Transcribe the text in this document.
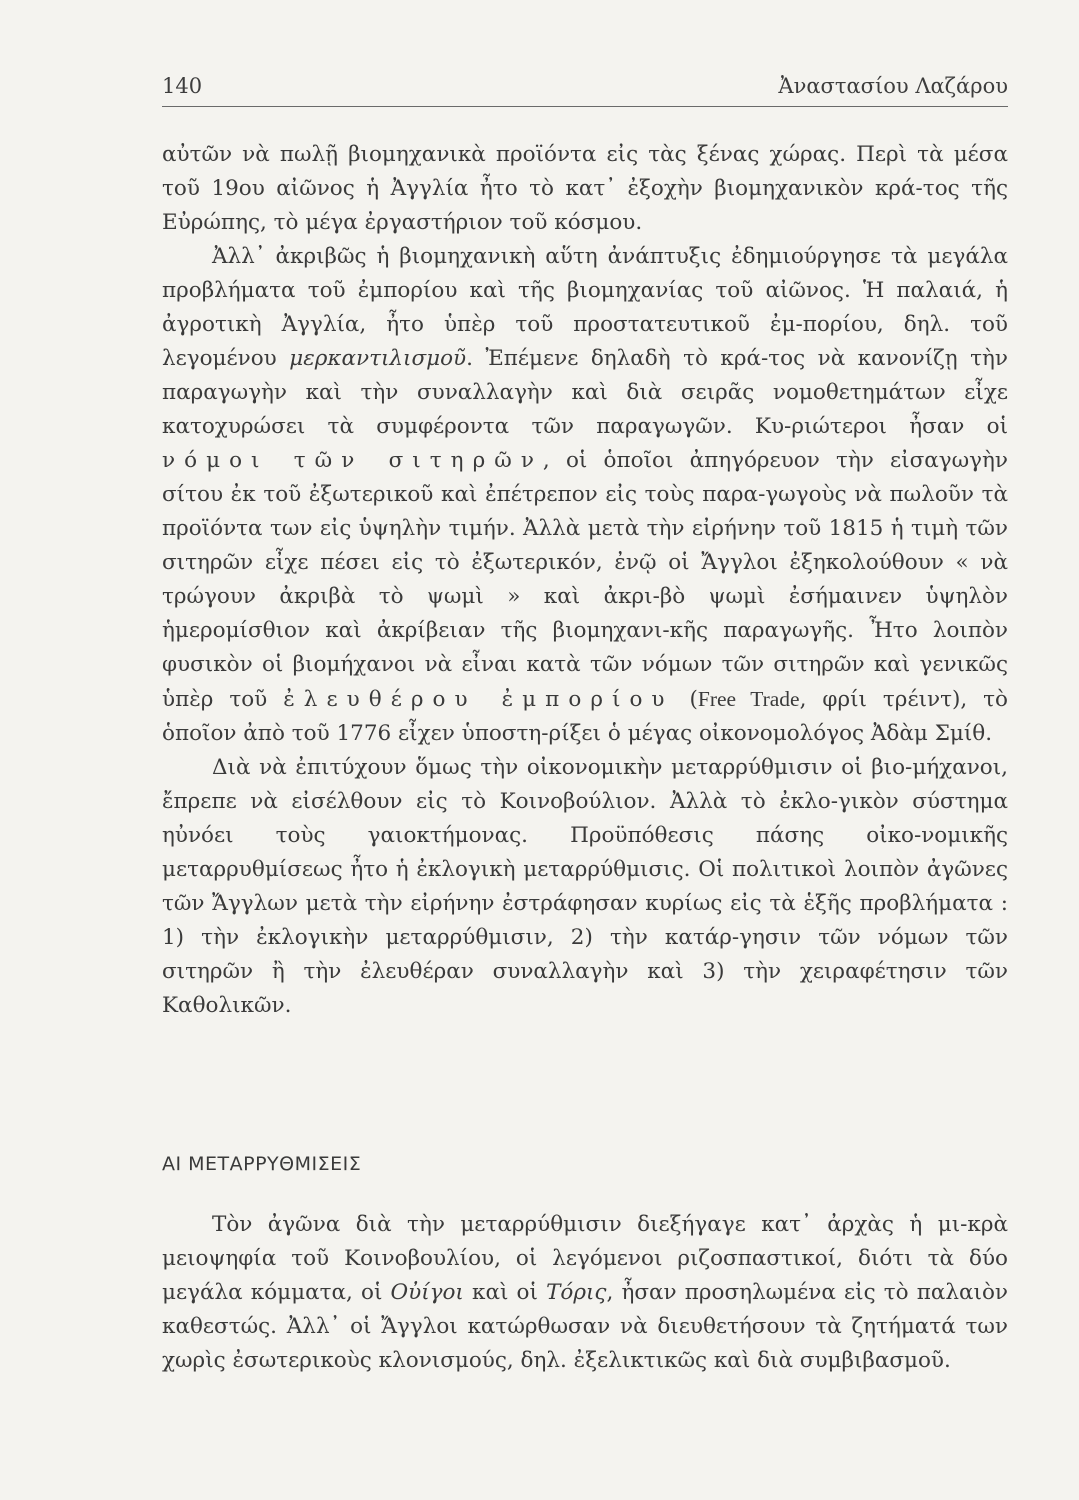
140	Ἀναστασίου Λαζάρου

αὐτῶν νὰ πωλῇ βιομηχανικὰ προϊόντα εἰς τὰς ξένας χώρας. Περὶ τὰ μέσα τοῦ 19ου αἰῶνος ἡ Ἀγγλία ἦτο τὸ κατ᾽ ἐξοχὴν βιομηχανικὸν κρά-τος τῆς Εὐρώπης, τὸ μέγα ἐργαστήριον τοῦ κόσμου.

Ἀλλ᾽ ἀκριβῶς ἡ βιομηχανικὴ αὕτη ἀνάπτυξις ἐδημιούργησε τὰ μεγάλα προβλήματα τοῦ ἐμπορίου καὶ τῆς βιομηχανίας τοῦ αἰῶνος. Ἡ παλαιά, ἡ ἀγροτικὴ Ἀγγλία, ἦτο ὑπὲρ τοῦ προστατευτικοῦ ἐμ-πορίου, δηλ. τοῦ λεγομένου μερκαντιλισμοῦ. Ἐπέμενε δηλαδὴ τὸ κρά-τος νὰ κανονίζῃ τὴν παραγωγὴν καὶ τὴν συναλλαγὴν καὶ διὰ σειρᾶς νομοθετημάτων εἶχε κατοχυρώσει τὰ συμφέροντα τῶν παραγωγῶν. Κυ-ριώτεροι ἦσαν οἱ νόμοι τῶν σιτηρῶν, οἱ ὁποῖοι ἀπηγόρευον τὴν εἰσαγωγὴν σίτου ἐκ τοῦ ἐξωτερικοῦ καὶ ἐπέτρεπον εἰς τοὺς παρα-γωγοὺς νὰ πωλοῦν τὰ προϊόντα των εἰς ὑψηλὴν τιμήν. Ἀλλὰ μετὰ τὴν εἰρήνην τοῦ 1815 ἡ τιμὴ τῶν σιτηρῶν εἶχε πέσει εἰς τὸ ἐξωτερικόν, ἐνῷ οἱ Ἄγγλοι ἐξηκολούθουν « νὰ τρώγουν ἀκριβὰ τὸ ψωμὶ » καὶ ἀκρι-βὸ ψωμὶ ἐσήμαινεν ὑψηλὸν ἡμερομίσθιον καὶ ἀκρίβειαν τῆς βιομηχανι-κῆς παραγωγῆς. Ἦτο λοιπὸν φυσικὸν οἱ βιομήχανοι νὰ εἶναι κατὰ τῶν νόμων τῶν σιτηρῶν καὶ γενικῶς ὑπὲρ τοῦ ἐλευθέρου ἐμπορίου (Free Trade, φρίι τρέιντ), τὸ ὁποῖον ἀπὸ τοῦ 1776 εἶχεν ὑποστη-ρίξει ὁ μέγας οἰκονομολόγος Ἀδὰμ Σμίθ.

Διὰ νὰ ἐπιτύχουν ὅμως τὴν οἰκονομικὴν μεταρρύθμισιν οἱ βιο-μήχανοι, ἔπρεπε νὰ εἰσέλθουν εἰς τὸ Κοινοβούλιον. Ἀλλὰ τὸ ἐκλο-γικὸν σύστημα ηὐνόει τοὺς γαιοκτήμονας. Προϋπόθεσις πάσης οἰκο-νομικῆς μεταρρυθμίσεως ἦτο ἡ ἐκλογικὴ μεταρρύθμισις. Οἱ πολιτικοὶ λοιπὸν ἀγῶνες τῶν Ἄγγλων μετὰ τὴν εἰρήνην ἐστράφησαν κυρίως εἰς τὰ ἑξῆς προβλήματα : 1) τὴν ἐκλογικὴν μεταρρύθμισιν, 2) τὴν κατάρ-γησιν τῶν νόμων τῶν σιτηρῶν ἢ τὴν ἐλευθέραν συναλλαγὴν καὶ 3) τὴν χειραφέτησιν τῶν Καθολικῶν.

ΑΙ ΜΕΤΑΡΡΥΘΜΙΣΕΙΣ

Τὸν ἀγῶνα διὰ τὴν μεταρρύθμισιν διεξήγαγε κατ᾽ ἀρχὰς ἡ μι-κρὰ μειοψηφία τοῦ Κοινοβουλίου, οἱ λεγόμενοι ριζοσπαστικοί, διότι τὰ δύο μεγάλα κόμματα, οἱ Οὐίγοι καὶ οἱ Τόρις, ἦσαν προσηλωμένα εἰς τὸ παλαιὸν καθεστώς. Ἀλλ᾽ οἱ Ἄγγλοι κατώρθωσαν νὰ διευθετήσουν τὰ ζητήματά των χωρὶς ἐσωτερικοὺς κλονισμούς, δηλ. ἐξελικτικῶς καὶ διὰ συμβιβασμοῦ.
